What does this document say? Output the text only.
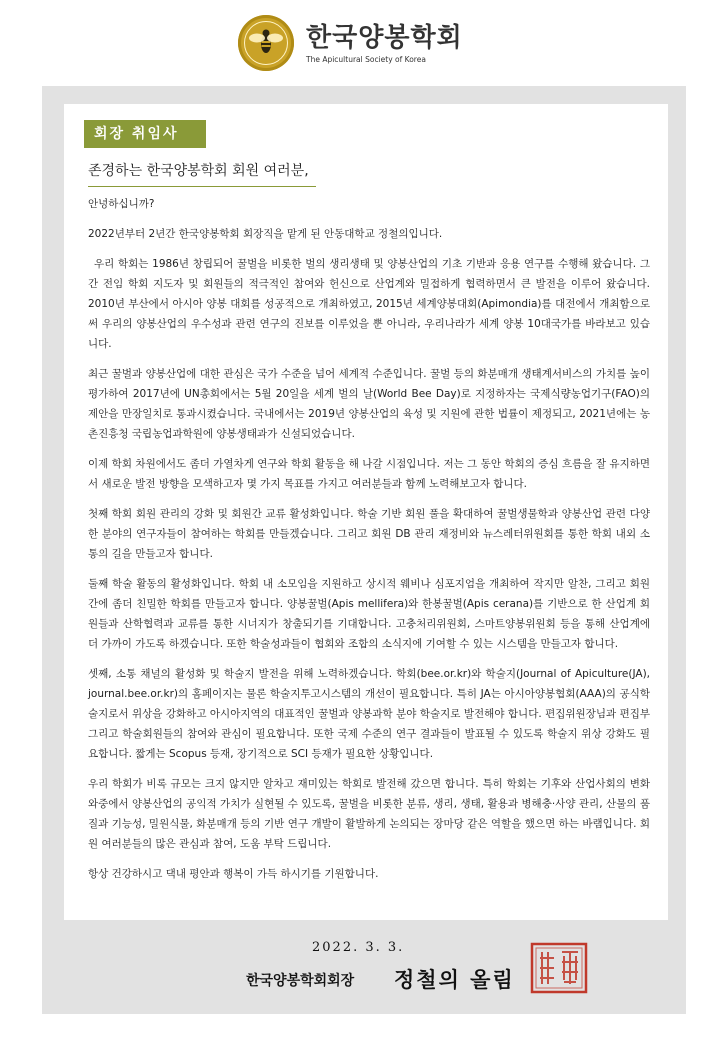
한국양봉학회
The Apicultural Society of Korea
회장 취임사
존경하는 한국양봉학회 회원 여러분,

안녕하십니까?

2022년부터 2년간 한국양봉학회 회장직을 맡게 된 안동대학교 정철의입니다.

우리 학회는 1986년 창립되어 꿀벌을 비롯한 벌의 생리생태 및 양봉산업의 기초 기반과 응용 연구를 수행해 왔습니다. 그간 전임 학회 지도자 및 회원들의 적극적인 참여와 헌신으로 산업계와 밀접하게 협력하면서 큰 발전을 이루어 왔습니다. 2010년 부산에서 아시아 양봉 대회를 성공적으로 개최하였고, 2015년 세계양봉대회(Apimondia)를 대전에서 개최함으로써 우리의 양봉산업의 우수성과 관련 연구의 진보를 이루었을 뿐 아니라, 우리나라가 세계 양봉 10대국가를 바라보고 있습니다.

최근 꿀벌과 양봉산업에 대한 관심은 국가 수준을 넘어 세계적 수준입니다. 꿀벌 등의 화분매개 생태계서비스의 가치를 높이 평가하여 2017년에 UN총회에서는 5월 20일을 세계 벌의 날(World Bee Day)로 지정하자는 국제식량농업기구(FAO)의 제안을 만장일치로 통과시켰습니다. 국내에서는 2019년 양봉산업의 육성 및 지원에 관한 법률이 제정되고, 2021년에는 농촌진흥청 국립농업과학원에 양봉생태과가 신설되었습니다.

이제 학회 차원에서도 좀더 가열차게 연구와 학회 활동을 해 나갈 시점입니다. 저는 그 동안 학회의 증심 흐름을 잘 유지하면서 새로운 발전 방향을 모색하고자 몇 가지 목표를 가지고 여러분들과 함께 노력해보고자 합니다.

첫째 학회 회원 관리의 강화 및 회원간 교류 활성화입니다. 학술 기반 회원 풀을 확대하여 꿀벌생물학과 양봉산업 관련 다양한 분야의 연구자들이 참여하는 학회를 만들겠습니다. 그리고 회원 DB 관리 재정비와 뉴스레터위원회를 통한 학회 내외 소통의 길을 만들고자 합니다.

둘째 학술 활동의 활성화입니다. 학회 내 소모임을 지원하고 상시적 웨비나 심포지엄을 개최하여 작지만 알찬, 그리고 회원간에 좀더 친밀한 학회를 만들고자 합니다. 양봉꿀벌(Apis mellifera)와 한봉꿀벌(Apis cerana)를 기반으로 한 산업계 회원들과 산학협력과 교류를 통한 시너지가 창출되기를 기대합니다. 고충처리위원회, 스마트양봉위원회 등을 통해 산업계에 더 가까이 가도록 하겠습니다. 또한 학술성과들이 협회와 조합의 소식지에 기여할 수 있는 시스템을 만들고자 합니다.

셋째, 소통 채널의 활성화 및 학술지 발전을 위해 노력하겠습니다. 학회(bee.or.kr)와 학술지(Journal of Apiculture(JA), journal.bee.or.kr)의 홈페이지는 물론 학술지투고시스템의 개선이 필요합니다. 특히 JA는 아시아양봉협회(AAA)의 공식학술지로서 위상을 강화하고 아시아지역의 대표적인 꿀벌과 양봉과학 분야 학술지로 발전해야 합니다. 편집위원장님과 편집부 그리고 학술회원들의 참여와 관심이 필요합니다. 또한 국제 수준의 연구 결과들이 발표될 수 있도록 학술지 위상 강화도 필요합니다. 짧게는 Scopus 등재, 장기적으로 SCI 등재가 필요한 상황입니다.

우리 학회가 비록 규모는 크지 않지만 알차고 재미있는 학회로 발전해 갔으면 합니다. 특히 학회는 기후와 산업사회의 변화 와중에서 양봉산업의 공익적 가치가 실현될 수 있도록, 꿀벌을 비롯한 분류, 생리, 생태, 활용과 병해충·사양 관리, 산물의 품질과 기능성, 밀원식물, 화분매개 등의 기반 연구 개발이 활발하게 논의되는 장마당 같은 역할을 했으면 하는 바램입니다. 회원 여러분들의 많은 관심과 참여, 도움 부탁 드립니다.

항상 건강하시고 댁내 평안과 행복이 가득 하시기를 기원합니다.

2022. 3. 3.
한국양봉학회회장 정철의 올림
